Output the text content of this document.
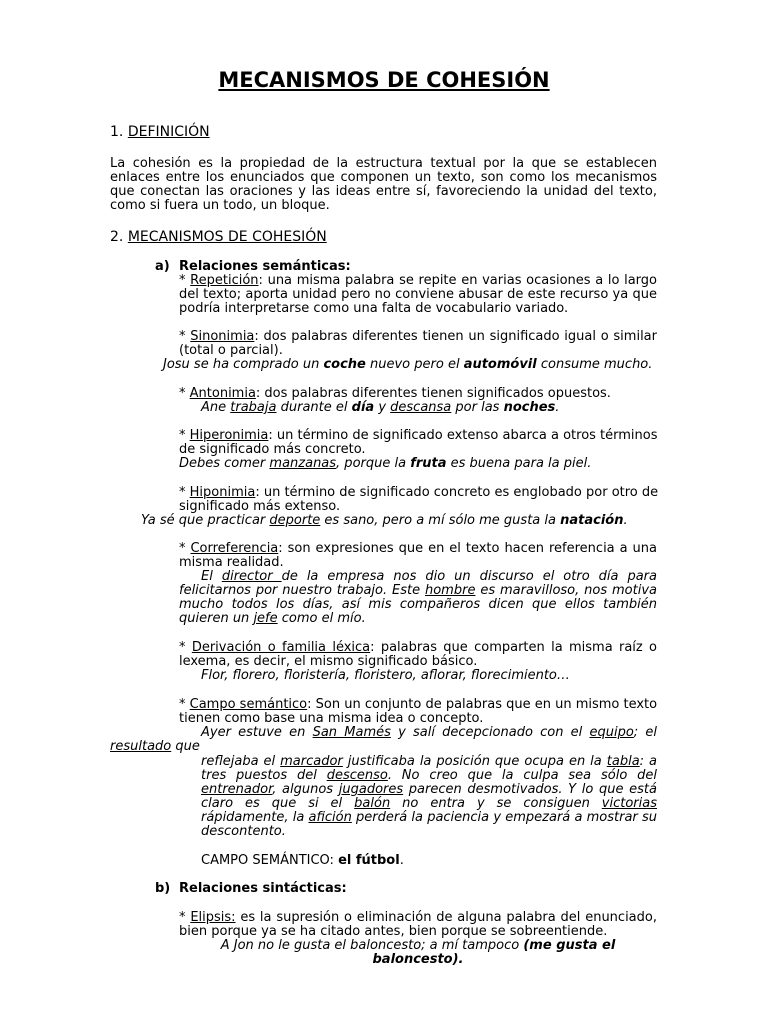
MECANISMOS DE COHESIÓN
1. DEFINICIÓN
La cohesión es la propiedad de la estructura textual por la que se establecen
enlaces entre los enunciados que componen un texto, son como los mecanismos
que conectan las oraciones y las ideas entre sí, favoreciendo la unidad del texto,
como si fuera un todo, un bloque.
2. MECANISMOS DE COHESIÓN
a) Relaciones semánticas:
* Repetición: una misma palabra se repite en varias ocasiones a lo largo
del texto; aporta unidad pero no conviene abusar de este recurso ya que
podría interpretarse como una falta de vocabulario variado.
* Sinonimia: dos palabras diferentes tienen un significado igual o similar
(total o parcial).
Josu se ha comprado un coche nuevo pero el automóvil consume mucho.
* Antonimia: dos palabras diferentes tienen significados opuestos.
Ane trabaja durante el día y descansa por las noches.
* Hiperonimia: un término de significado extenso abarca a otros términos
de significado más concreto.
Debes comer manzanas, porque la fruta es buena para la piel.
* Hiponimia: un término de significado concreto es englobado por otro de
significado más extenso.
Ya sé que practicar deporte es sano, pero a mí sólo me gusta la natación.
* Correferencia: son expresiones que en el texto hacen referencia a una
misma realidad.
El director de la empresa nos dio un discurso el otro día para
felicitarnos por nuestro trabajo. Este hombre es maravilloso, nos motiva
mucho todos los días, así mis compañeros dicen que ellos también
quieren un jefe como el mío.
* Derivación o familia léxica: palabras que comparten la misma raíz o
lexema, es decir, el mismo significado básico.
Flor, florero, floristería, floristero, aflorar, florecimiento…
* Campo semántico: Son un conjunto de palabras que en un mismo texto
tienen como base una misma idea o concepto.
Ayer estuve en San Mamés y salí decepcionado con el equipo; el
resultado que
reflejaba el marcador justificaba la posición que ocupa en la tabla: a
tres puestos del descenso. No creo que la culpa sea sólo del
entrenador, algunos jugadores parecen desmotivados. Y lo que está
claro es que si el balón no entra y se consiguen victorias
rápidamente, la afición perderá la paciencia y empezará a mostrar su
descontento.
CAMPO SEMÁNTICO: el fútbol.
b) Relaciones sintácticas:
* Elipsis: es la supresión o eliminación de alguna palabra del enunciado,
bien porque ya se ha citado antes, bien porque se sobreentiende.
A Jon no le gusta el baloncesto; a mí tampoco (me gusta el
baloncesto).
